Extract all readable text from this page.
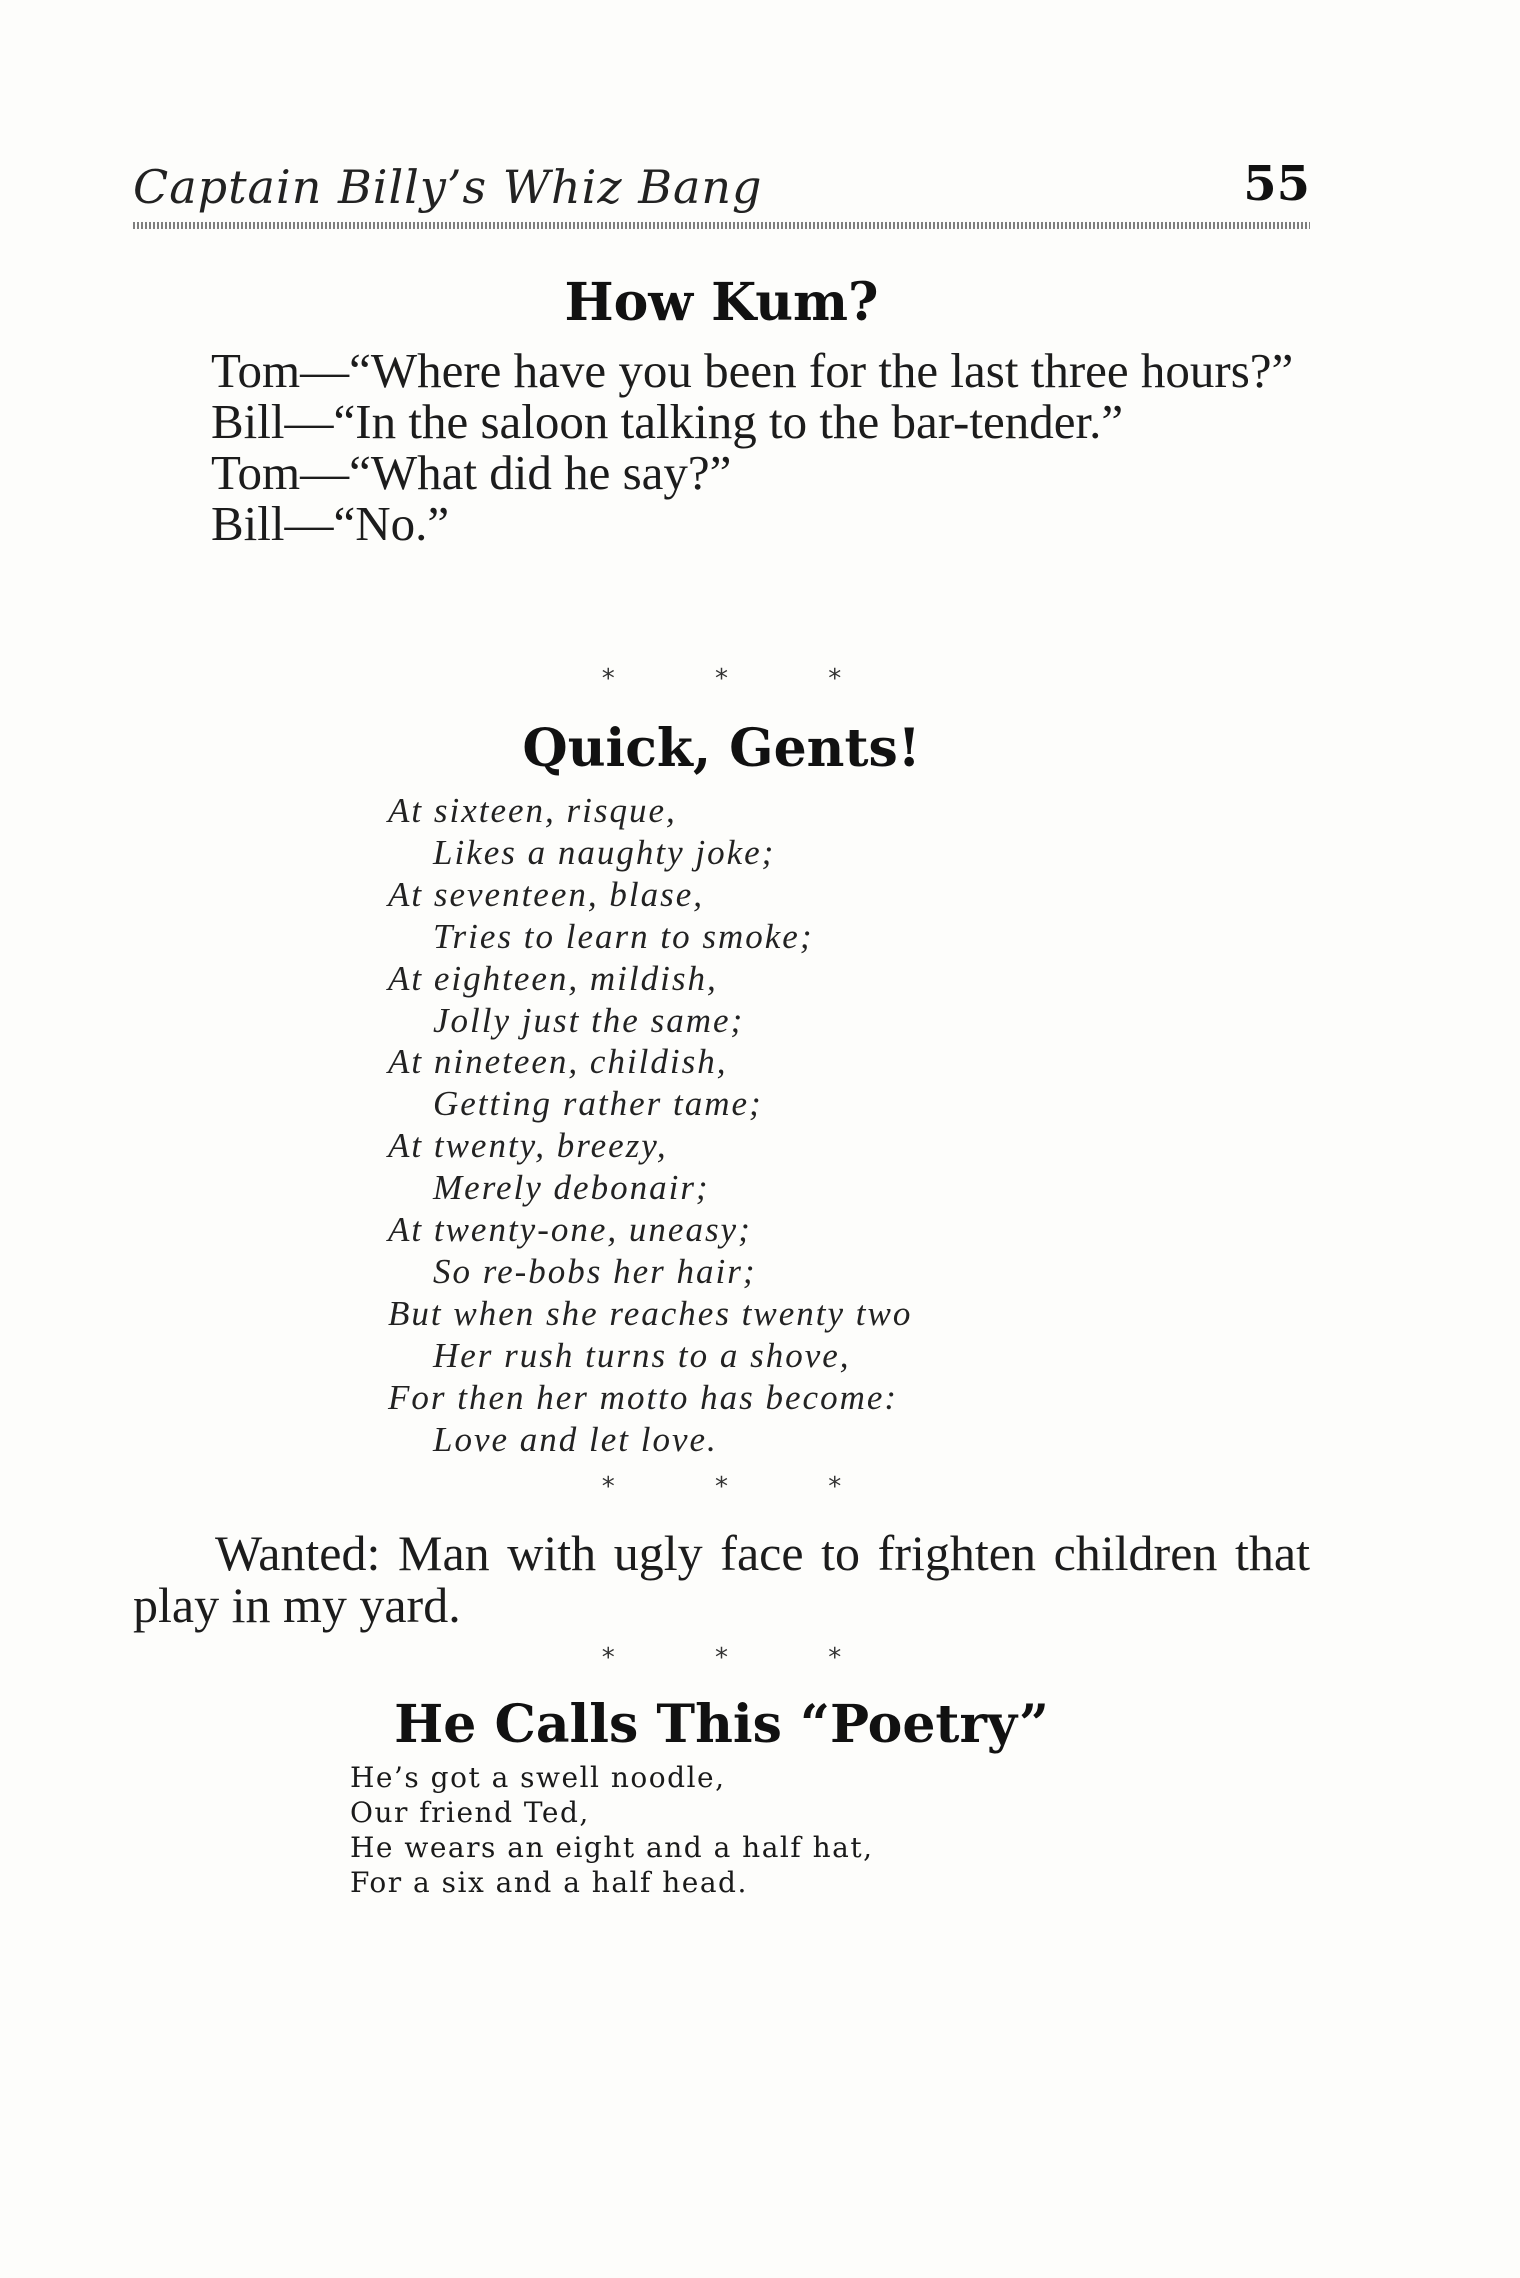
Captain Billy’s Whiz Bang	55
How Kum?

Tom—“Where have you been for the last three hours?”

Bill—“In the saloon talking to the bar-tender.”

Tom—“What did he say?”

Bill—“No.”

* * *
Quick, Gents!
At sixteen, risque,
Likes a naughty joke;
At seventeen, blase,
Tries to learn to smoke;
At eighteen, mildish,
Jolly just the same;
At nineteen, childish,
Getting rather tame;
At twenty, breezy,
Merely debonair;
At twenty-one, uneasy;
So re-bobs her hair;
But when she reaches twenty two
Her rush turns to a shove,
For then her motto has become:
Love and let love.
* * *

Wanted: Man with ugly face to frighten children that play in my yard.

* * *
He Calls This “Poetry”
He’s got a swell noodle,
Our friend Ted,
He wears an eight and a half hat,
For a six and a half head.
